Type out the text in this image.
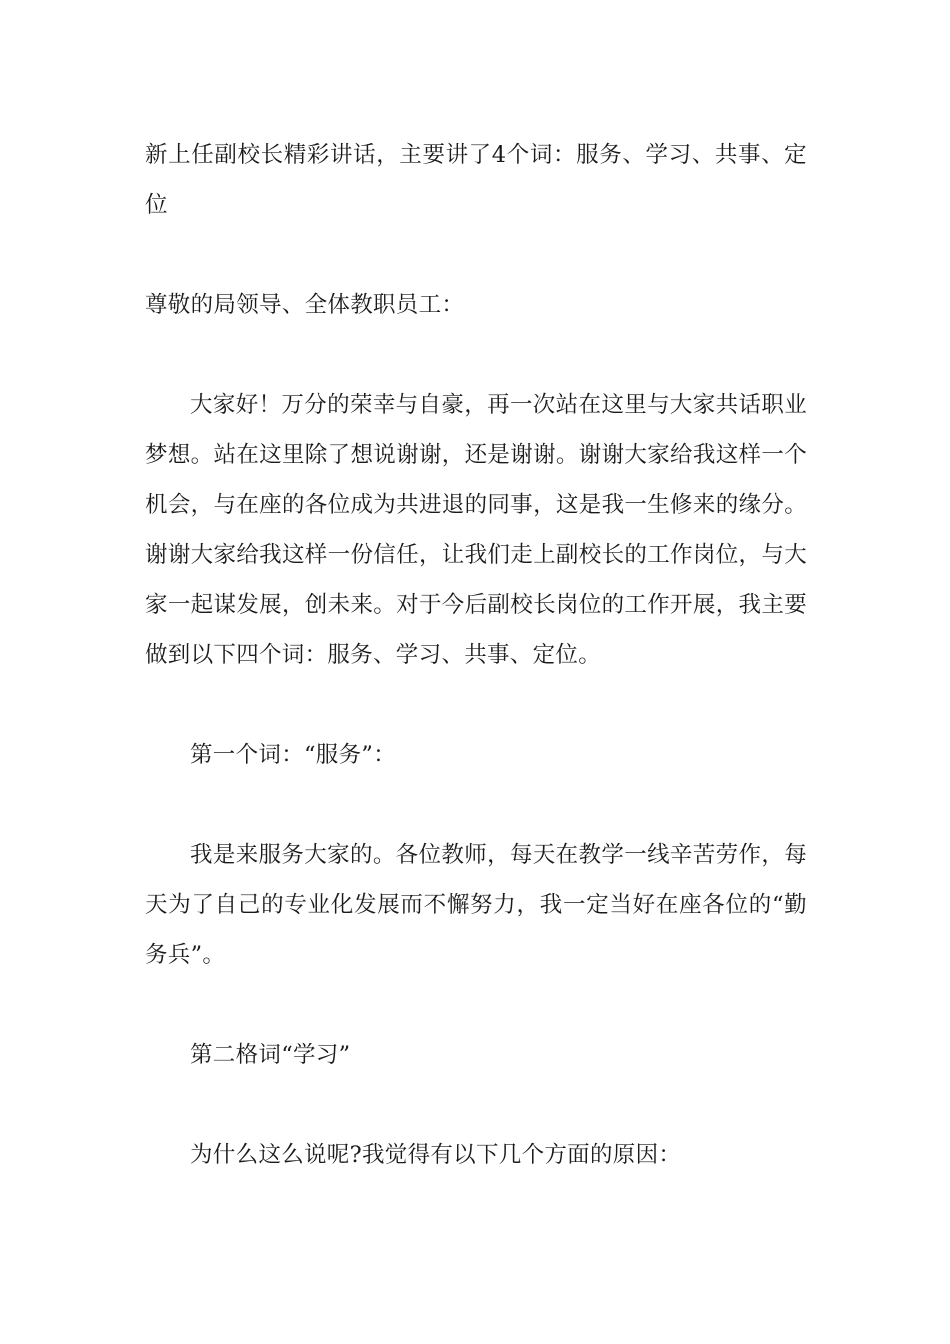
新上任副校长精彩讲话，主要讲了4个词：服务、学习、共事、定位

尊敬的局领导、全体教职员工：

大家好！万分的荣幸与自豪，再一次站在这里与大家共话职业梦想。站在这里除了想说谢谢，还是谢谢。谢谢大家给我这样一个机会，与在座的各位成为共进退的同事，这是我一生修来的缘分。谢谢大家给我这样一份信任，让我们走上副校长的工作岗位，与大家一起谋发展，创未来。对于今后副校长岗位的工作开展，我主要做到以下四个词：服务、学习、共事、定位。

第一个词：“服务”：

我是来服务大家的。各位教师，每天在教学一线辛苦劳作，每天为了自己的专业化发展而不懈努力，我一定当好在座各位的“勤务兵”。

第二格词“学习”

为什么这么说呢?我觉得有以下几个方面的原因：
